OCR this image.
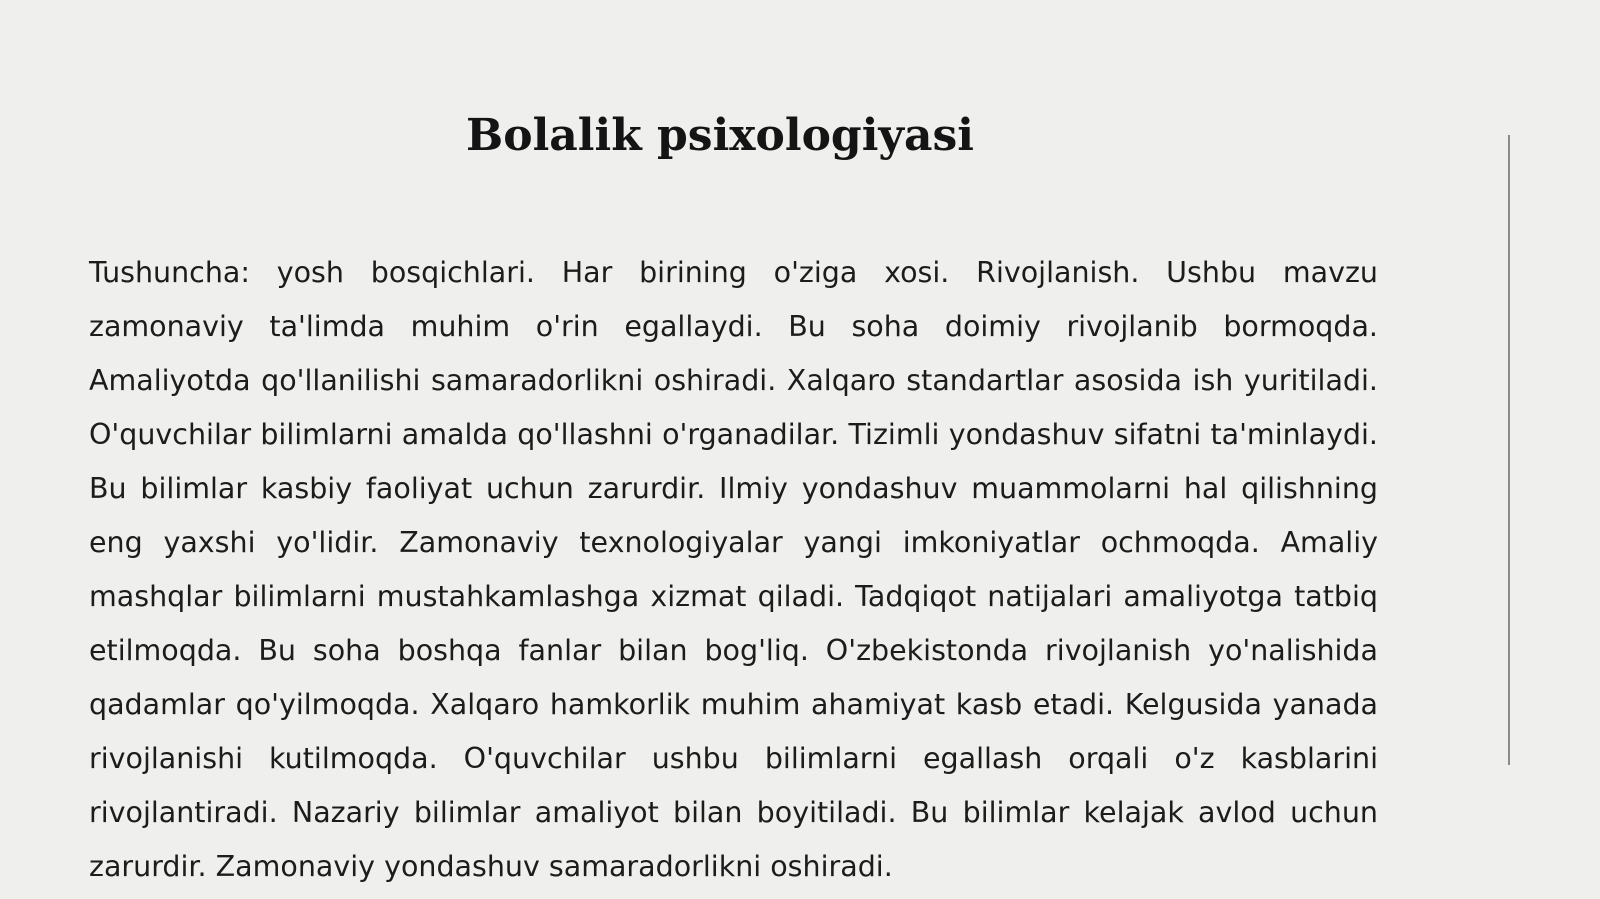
Bolalik psixologiyasi

Tushuncha: yosh bosqichlari. Har birining o'ziga xosi. Rivojlanish. Ushbu mavzu zamonaviy ta'limda muhim o'rin egallaydi. Bu soha doimiy rivojlanib bormoqda. Amaliyotda qo'llanilishi samaradorlikni oshiradi. Xalqaro standartlar asosida ish yuritiladi. O'quvchilar bilimlarni amalda qo'llashni o'rganadilar. Tizimli yondashuv sifatni ta'minlaydi. Bu bilimlar kasbiy faoliyat uchun zarurdir. Ilmiy yondashuv muammolarni hal qilishning eng yaxshi yo'lidir. Zamonaviy texnologiyalar yangi imkoniyatlar ochmoqda. Amaliy mashqlar bilimlarni mustahkamlashga xizmat qiladi. Tadqiqot natijalari amaliyotga tatbiq etilmoqda. Bu soha boshqa fanlar bilan bog'liq. O'zbekistonda rivojlanish yo'nalishida qadamlar qo'yilmoqda. Xalqaro hamkorlik muhim ahamiyat kasb etadi. Kelgusida yanada rivojlanishi kutilmoqda. O'quvchilar ushbu bilimlarni egallash orqali o'z kasblarini rivojlantiradi. Nazariy bilimlar amaliyot bilan boyitiladi. Bu bilimlar kelajak avlod uchun zarurdir. Zamonaviy yondashuv samaradorlikni oshiradi.
